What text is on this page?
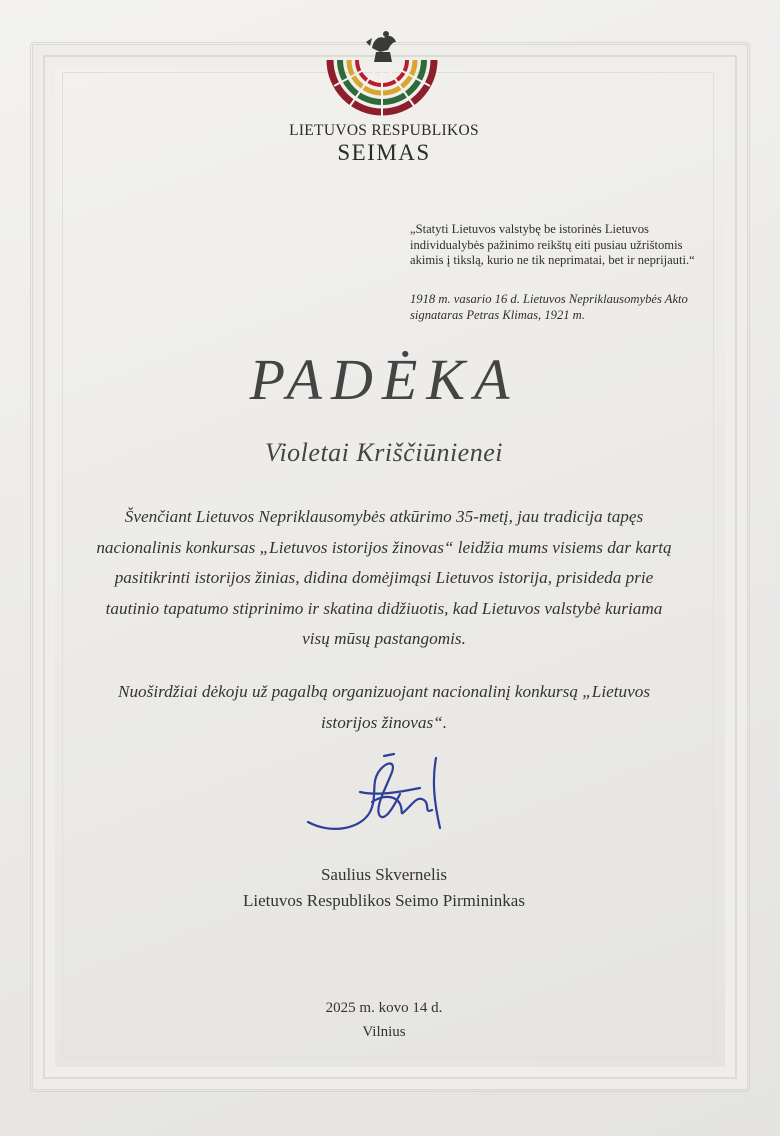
LIETUVOS RESPUBLIKOS
SEIMAS
„Statyti Lietuvos valstybę be istorinės Lietuvos individualybės pažinimo reikštų eiti pusiau užrištomis akimis į tikslą, kurio ne tik neprimatai, bet ir neprijauti.“
1918 m. vasario 16 d. Lietuvos Nepriklausomybės Akto signataras Petras Klimas, 1921 m.
PADĖKA
Violetai Kriščiūnienei
Švenčiant Lietuvos Nepriklausomybės atkūrimo 35-metį, jau tradicija tapęs nacionalinis konkursas „Lietuvos istorijos žinovas“ leidžia mums visiems dar kartą pasitikrinti istorijos žinias, didina domėjimąsi Lietuvos istorija, prisideda prie tautinio tapatumo stiprinimo ir skatina didžiuotis, kad Lietuvos valstybė kuriama visų mūsų pastangomis.
Nuoširdžiai dėkoju už pagalbą organizuojant nacionalinį konkursą „Lietuvos istorijos žinovas“.
Saulius Skvernelis
Lietuvos Respublikos Seimo Pirmininkas
2025 m. kovo 14 d.
Vilnius
